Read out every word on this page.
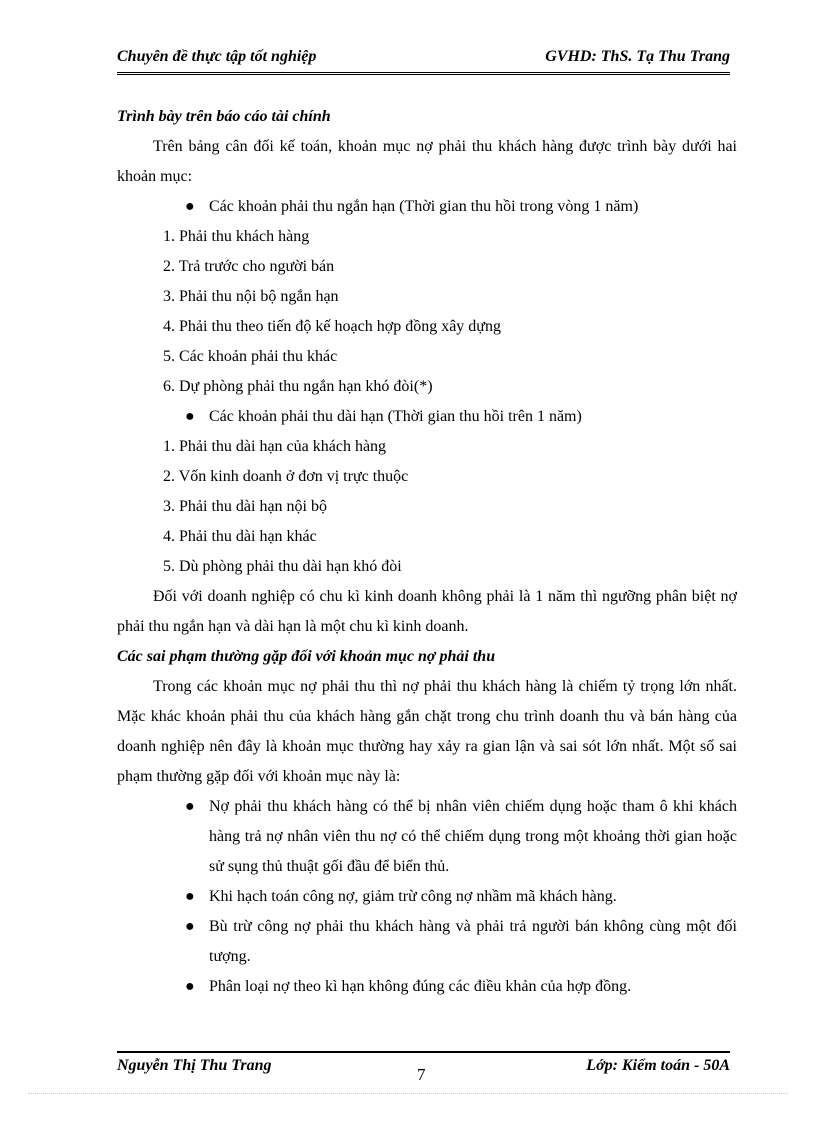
Chuyên đề thực tập tốt nghiệp	GVHD: ThS. Tạ Thu Trang

Trình bày trên báo cáo tài chính

Trên bảng cân đối kế toán, khoản mục nợ phải thu khách hàng được trình bày dưới hai khoản mục:

● Các khoản phải thu ngắn hạn (Thời gian thu hồi trong vòng 1 năm)

1. Phải thu khách hàng

2. Trả trước cho người bán

3. Phải thu nội bộ ngắn hạn

4. Phải thu theo tiến độ kế hoạch hợp đồng xây dựng

5. Các khoản phải thu khác

6. Dự phòng phải thu ngắn hạn khó đòi(*)

● Các khoản phải thu dài hạn (Thời gian thu hồi trên 1 năm)

1. Phải thu dài hạn của khách hàng

2. Vốn kinh doanh ở đơn vị trực thuộc

3. Phải thu dài hạn nội bộ

4. Phải thu dài hạn khác

5. Dù phòng phải thu dài hạn khó đòi

Đối với doanh nghiệp có chu kì kinh doanh không phải là 1 năm thì ngưỡng phân biệt nợ phải thu ngắn hạn và dài hạn là một chu kì kinh doanh.

Các sai phạm thường gặp đối với khoản mục nợ phải thu

Trong các khoản mục nợ phải thu thì nợ phải thu khách hàng là chiếm tỷ trọng lớn nhất. Mặc khác khoản phải thu của khách hàng gắn chặt trong chu trình doanh thu và bán hàng của doanh nghiệp nên đây là khoản mục thường hay xảy ra gian lận và sai sót lớn nhất. Một số sai phạm thường gặp đối với khoản mục này là:

● Nợ phải thu khách hàng có thể bị nhân viên chiếm dụng hoặc tham ô khi khách hàng trả nợ nhân viên thu nợ có thể chiếm dụng trong một khoảng thời gian hoặc sử sụng thủ thuật gối đầu để biển thủ.

● Khi hạch toán công nợ, giảm trừ công nợ nhầm mã khách hàng.

● Bù trừ công nợ phải thu khách hàng và phải trả người bán không cùng một đối tượng.

● Phân loại nợ theo kì hạn không đúng các điều khản của hợp đồng.

Nguyễn Thị Thu Trang	7	Lớp: Kiểm toán - 50A
